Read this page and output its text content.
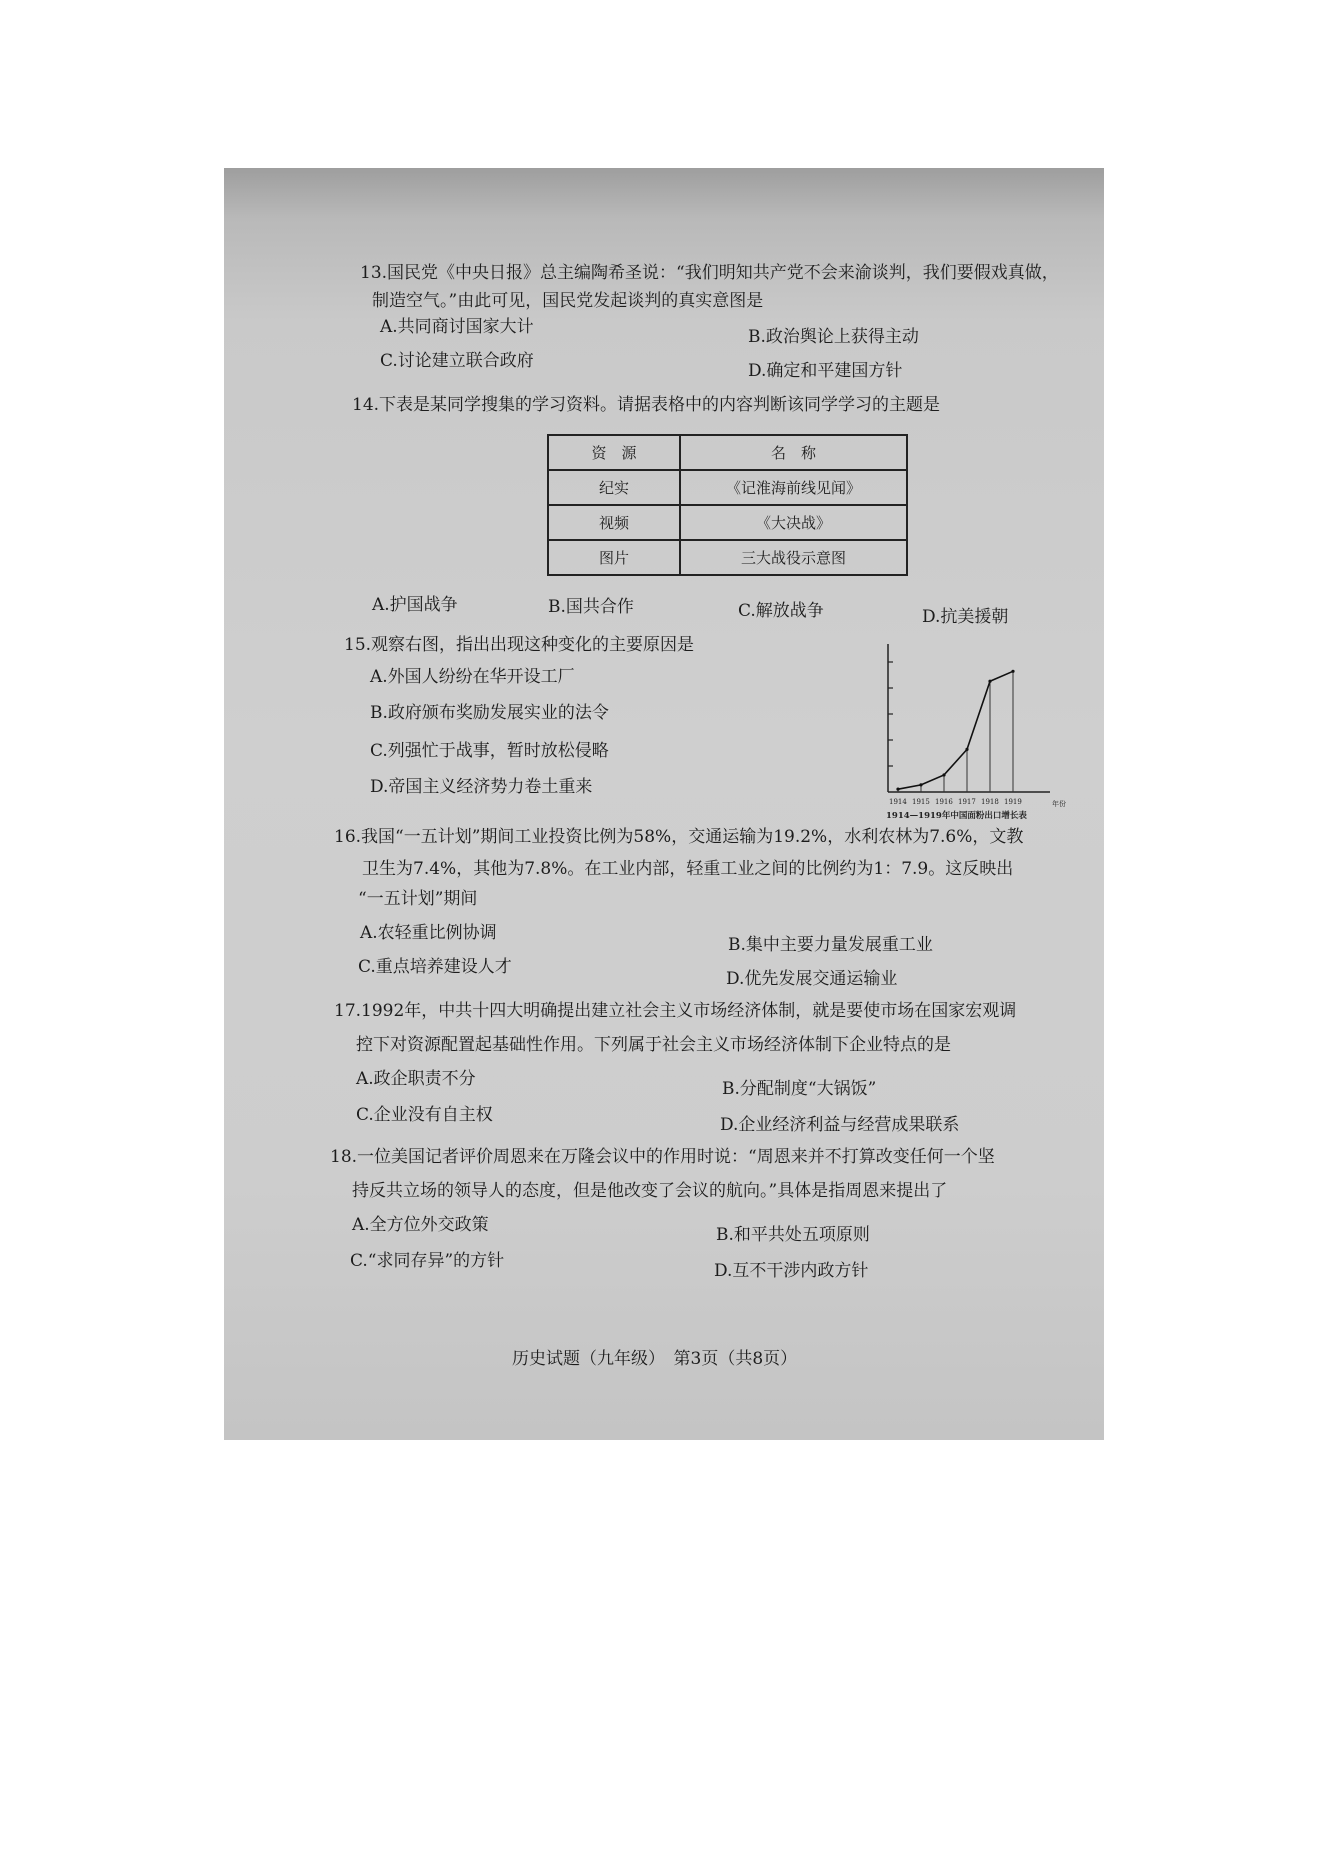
13.国民党《中央日报》总主编陶希圣说：“我们明知共产党不会来渝谈判，我们要假戏真做，
制造空气。”由此可见，国民党发起谈判的真实意图是
A.共同商讨国家大计	B.政治舆论上获得主动
C.讨论建立联合政府	D.确定和平建国方针
14.下表是某同学搜集的学习资料。请据表格中的内容判断该同学学习的主题是
资　源	名　称
纪实	《记淮海前线见闻》
视频	《大决战》
图片	三大战役示意图
A.护国战争	B.国共合作	C.解放战争	D.抗美援朝
15.观察右图，指出出现这种变化的主要原因是
A.外国人纷纷在华开设工厂
B.政府颁布奖励发展实业的法令
C.列强忙于战事，暂时放松侵略
D.帝国主义经济势力卷土重来
1914 1915 1916 1917 1918 1919	年份
1914—1919年中国面粉出口增长表
16.我国“一五计划”期间工业投资比例为58%，交通运输为19.2%，水利农林为7.6%，文教
卫生为7.4%，其他为7.8%。在工业内部，轻重工业之间的比例约为1：7.9。这反映出
“一五计划”期间
A.农轻重比例协调
B.集中主要力量发展重工业
C.重点培养建设人才
D.优先发展交通运输业
17.1992年，中共十四大明确提出建立社会主义市场经济体制，就是要使市场在国家宏观调
控下对资源配置起基础性作用。下列属于社会主义市场经济体制下企业特点的是
A.政企职责不分	B.分配制度“大锅饭”
C.企业没有自主权	D.企业经济利益与经营成果联系
18.一位美国记者评价周恩来在万隆会议中的作用时说：“周恩来并不打算改变任何一个坚
持反共立场的领导人的态度，但是他改变了会议的航向。”具体是指周恩来提出了
A.全方位外交政策	B.和平共处五项原则
C.“求同存异”的方针	D.互不干涉内政方针
历史试题（九年级）　第3页（共8页）
